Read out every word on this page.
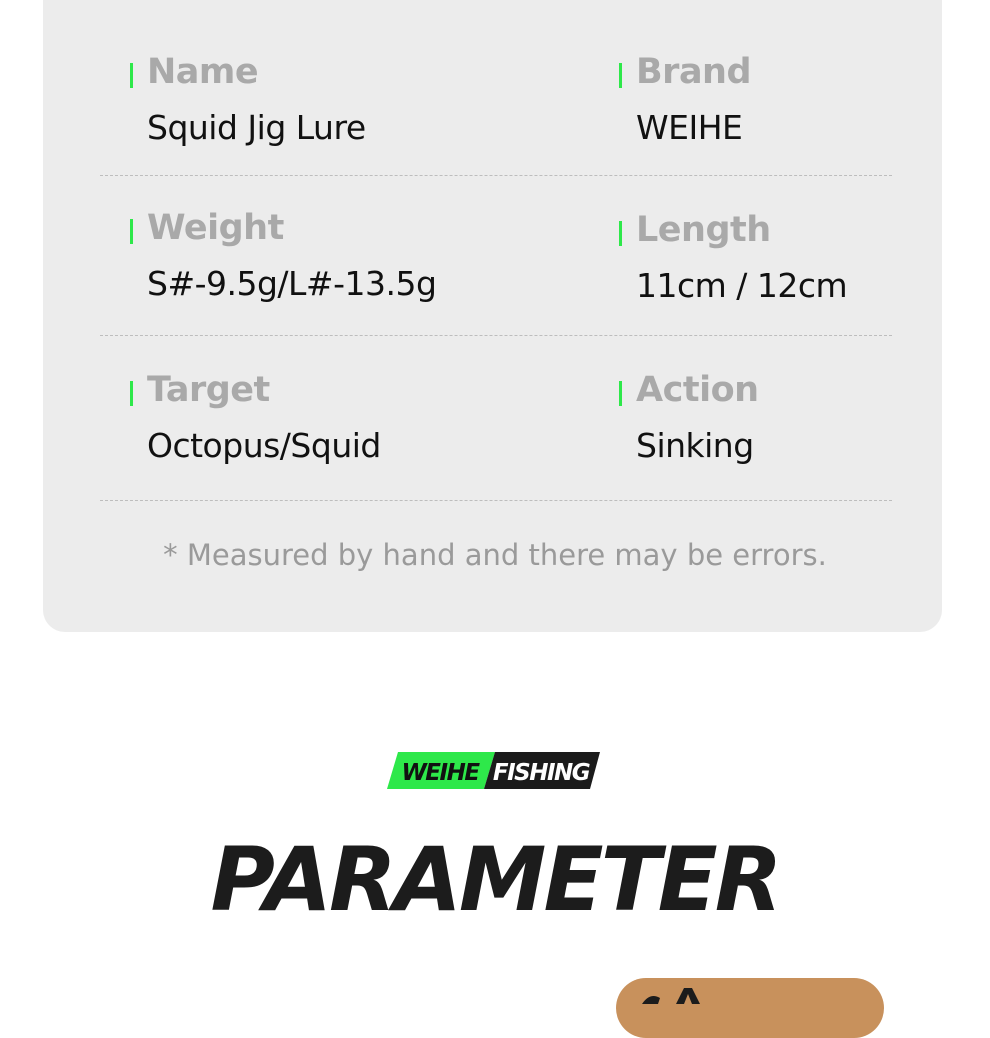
Name
Squid Jig Lure
Brand
WEIHE
Weight
S#-9.5g/L#-13.5g
Length
11cm / 12cm
Target
Octopus/Squid
Action
Sinking
* Measured by hand and there may be errors.
WEIHE FISHING
PARAMETER
